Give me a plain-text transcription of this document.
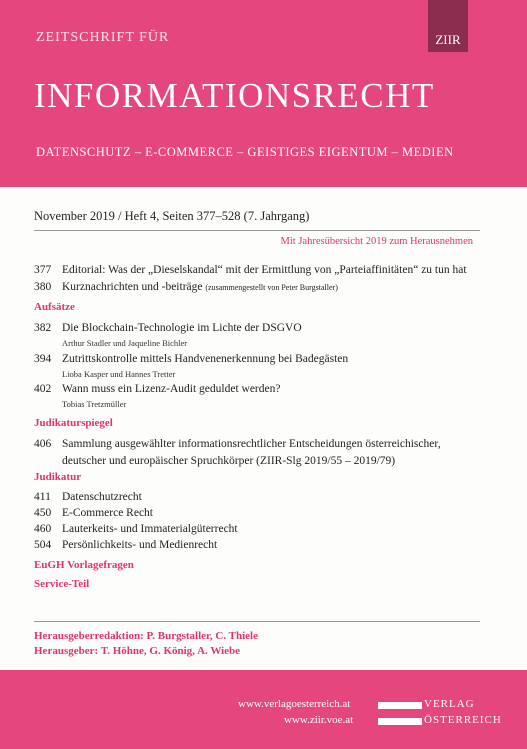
ZEITSCHRIFT FÜR	ZIIR
INFORMATIONSRECHT
DATENSCHUTZ – E-COMMERCE – GEISTIGES EIGENTUM – MEDIEN
November 2019 / Heft 4, Seiten 377–528 (7. Jahrgang)
Mit Jahresübersicht 2019 zum Herausnehmen
377 Editorial: Was der „Dieselskandal“ mit der Ermittlung von „Parteiaffinitäten“ zu tun hat
380 Kurznachrichten und -beiträge (zusammengestellt von Peter Burgstaller)
Aufsätze
382 Die Blockchain-Technologie im Lichte der DSGVO
Arthur Stadler und Jaqueline Bichler
394 Zutrittskontrolle mittels Handvenenerkennung bei Badegästen
Lioba Kasper und Hannes Tretter
402 Wann muss ein Lizenz-Audit geduldet werden?
Tobias Tretzmüller
Judikaturspiegel
406 Sammlung ausgewählter informationsrechtlicher Entscheidungen österreichischer,
deutscher und europäischer Spruchkörper (ZIIR-Slg 2019/55 – 2019/79)
Judikatur
411 Datenschutzrecht
450 E-Commerce Recht
460 Lauterkeits- und Immaterialgüterrecht
504 Persönlichkeits- und Medienrecht
EuGH Vorlagefragen
Service-Teil
Herausgeberredaktion: P. Burgstaller, C. Thiele
Herausgeber: T. Höhne, G. König, A. Wiebe
www.verlagoesterreich.at
www.ziir.voe.at
VERLAG
ÖSTERREICH
